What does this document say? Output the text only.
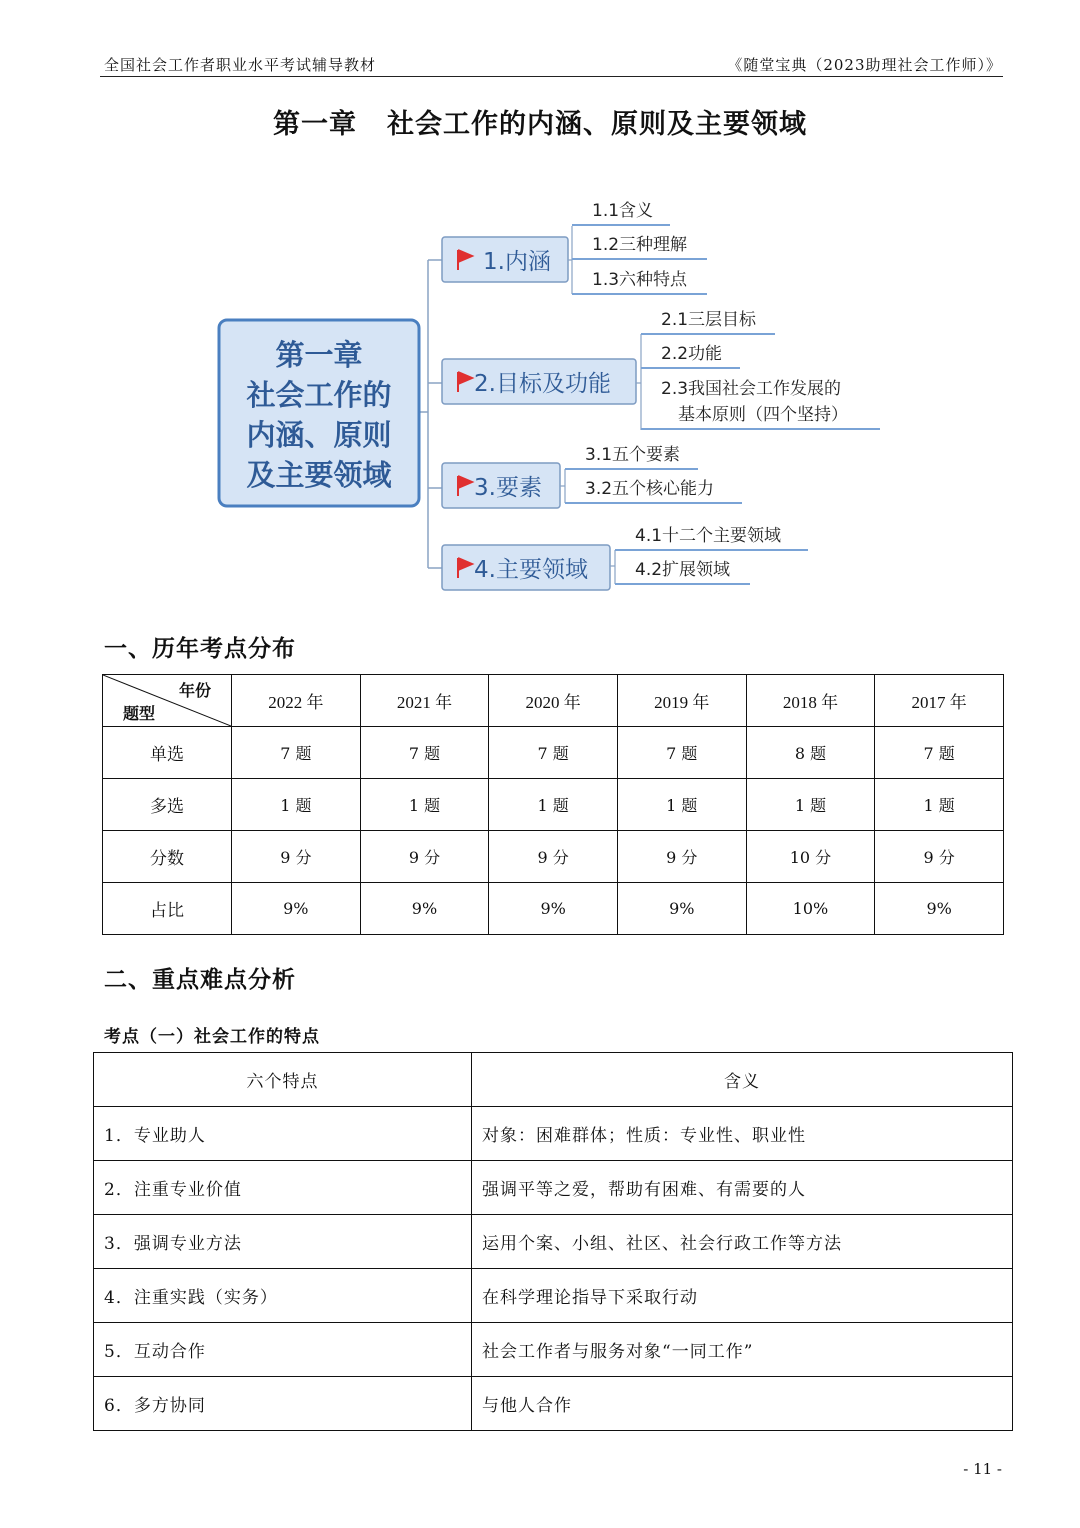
全国社会工作者职业水平考试辅导教材	《随堂宝典（2023助理社会工作师）》
第一章 社会工作的内涵、原则及主要领域
第一章
社会工作的
内涵、原则
及主要领域
1.内涵
1.1含义
1.2三种理解
1.3六种特点
2.目标及功能
2.1三层目标
2.2功能
2.3我国社会工作发展的
基本原则（四个坚持）
3.要素
3.1五个要素
3.2五个核心能力
4.主要领域
4.1十二个主要领域
4.2扩展领域
一、历年考点分布
年份
题型	2022 年	2021 年	2020 年	2019 年	2018 年	2017 年
单选	7 题	7 题	7 题	7 题	8 题	7 题
多选	1 题	1 题	1 题	1 题	1 题	1 题
分数	9 分	9 分	9 分	9 分	10 分	9 分
占比	9%	9%	9%	9%	10%	9%
二、重点难点分析
考点（一）社会工作的特点
六个特点	含义
1．专业助人	对象：困难群体；性质：专业性、职业性
2．注重专业价值	强调平等之爱，帮助有困难、有需要的人
3．强调专业方法	运用个案、小组、社区、社会行政工作等方法
4．注重实践（实务）	在科学理论指导下采取行动
5．互动合作	社会工作者与服务对象“一同工作”
6．多方协同	与他人合作
- 11 -
